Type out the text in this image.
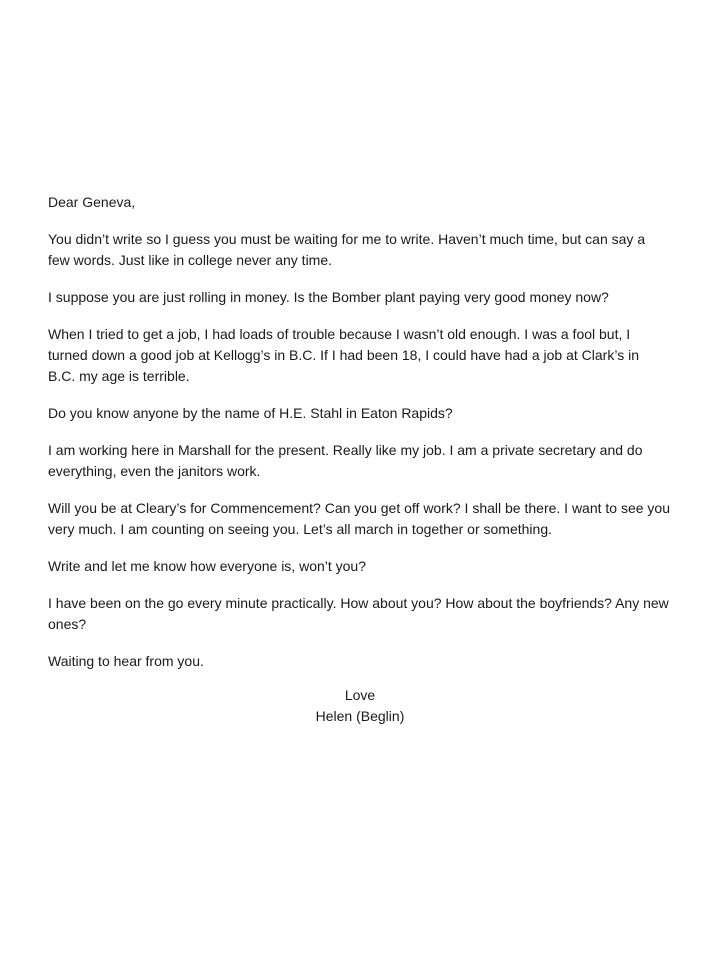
Dear Geneva,

You didn’t write so I guess you must be waiting for me to write. Haven’t much time, but can say a few words. Just like in college never any time.

I suppose you are just rolling in money. Is the Bomber plant paying very good money now?

When I tried to get a job, I had loads of trouble because I wasn’t old enough. I was a fool but, I turned down a good job at Kellogg’s in B.C. If I had been 18, I could have had a job at Clark’s in B.C. my age is terrible.

Do you know anyone by the name of H.E. Stahl in Eaton Rapids?

I am working here in Marshall for the present. Really like my job. I am a private secretary and do everything, even the janitors work.

Will you be at Cleary’s for Commencement? Can you get off work? I shall be there. I want to see you very much. I am counting on seeing you. Let’s all march in together or something.

Write and let me know how everyone is, won’t you?

I have been on the go every minute practically. How about you? How about the boyfriends? Any new ones?

Waiting to hear from you.

Love
Helen (Beglin)
